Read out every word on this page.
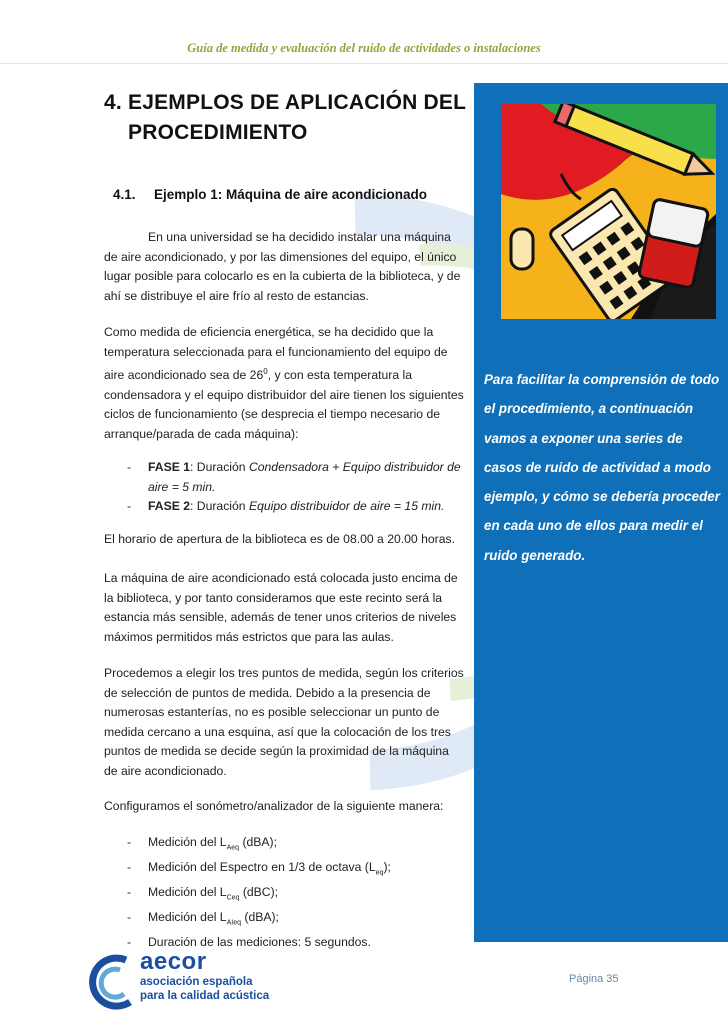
Guía de medida y evaluación del ruido de actividades o instalaciones
4. EJEMPLOS DE APLICACIÓN DEL
PROCEDIMIENTO
4.1. Ejemplo 1: Máquina de aire acondicionado

En una universidad se ha decidido instalar una máquina de aire acondicionado, y por las dimensiones del equipo, el único lugar posible para colocarlo es en la cubierta de la biblioteca, y de ahí se distribuye el aire frío al resto de estancias.

Como medida de eficiencia energética, se ha decidido que la temperatura seleccionada para el funcionamiento del equipo de aire acondicionado sea de $26^0$, y con esta temperatura la condensadora y el equipo distribuidor del aire tienen los siguientes ciclos de funcionamiento (se desprecia el tiempo necesario de arranque/parada de cada máquina):

- FASE 1: Duración Condensadora + Equipo distribuidor de aire = 5 min.
- FASE 2: Duración Equipo distribuidor de aire = 15 min.

El horario de apertura de la biblioteca es de 08.00 a 20.00 horas.

La máquina de aire acondicionado está colocada justo encima de la biblioteca, y por tanto consideramos que este recinto será la estancia más sensible, además de tener unos criterios de niveles máximos permitidos más estrictos que para las aulas.

Procedemos a elegir los tres puntos de medida, según los criterios de selección de puntos de medida. Debido a la presencia de numerosas estanterías, no es posible seleccionar un punto de medida cercano a una esquina, así que la colocación de los tres puntos de medida se decide según la proximidad de la máquina de aire acondicionado.

Configuramos el sonómetro/analizador de la siguiente manera:

- Medición del $L_{Aeq}$ (dBA);
- Medición del Espectro en 1/3 de octava $(L_{eq})$;
- Medición del $L_{Ceq}$ (dBC);
- Medición del $L_{AIeq}$ (dBA);
- Duración de las mediciones: 5 segundos.

Para facilitar la comprensión de todo el procedimiento, a continuación vamos a exponer una series de casos de ruido de actividad a modo ejemplo, y cómo se debería proceder en cada uno de ellos para medir el ruido generado.

aecor
asociación española
para la calidad acústica
Página 35
